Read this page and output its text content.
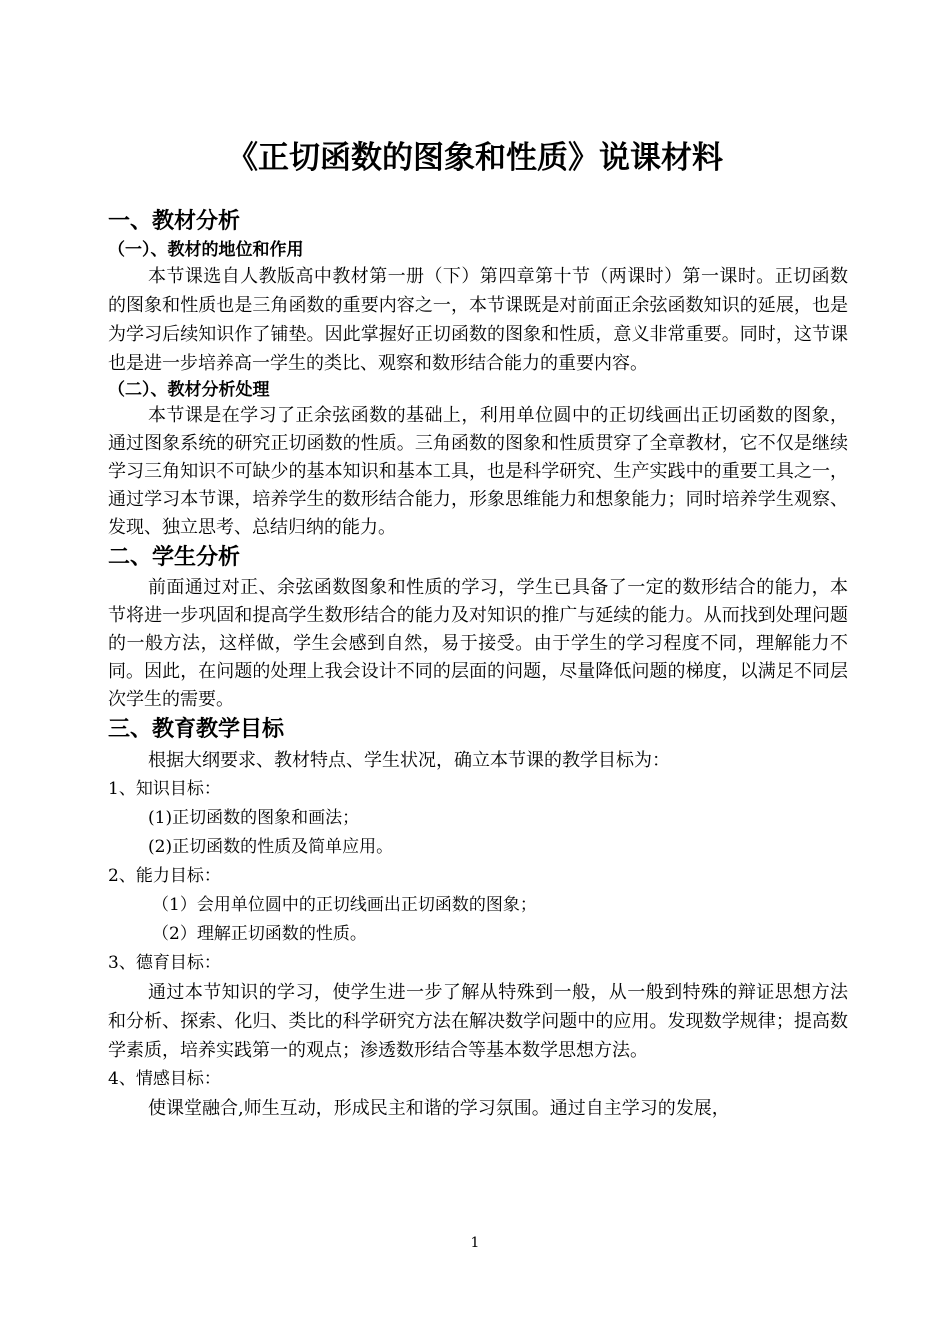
《正切函数的图象和性质》说课材料
一、教材分析
（一）、教材的地位和作用

本节课选自人教版高中教材第一册（下）第四章第十节（两课时）第一课时。正切函数的图象和性质也是三角函数的重要内容之一，本节课既是对前面正余弦函数知识的延展，也是为学习后续知识作了铺垫。因此掌握好正切函数的图象和性质，意义非常重要。同时，这节课也是进一步培养高一学生的类比、观察和数形结合能力的重要内容。

（二）、教材分析处理

本节课是在学习了正余弦函数的基础上，利用单位圆中的正切线画出正切函数的图象，通过图象系统的研究正切函数的性质。三角函数的图象和性质贯穿了全章教材，它不仅是继续学习三角知识不可缺少的基本知识和基本工具，也是科学研究、生产实践中的重要工具之一，通过学习本节课，培养学生的数形结合能力，形象思维能力和想象能力；同时培养学生观察、发现、独立思考、总结归纳的能力。

二、学生分析

前面通过对正、余弦函数图象和性质的学习，学生已具备了一定的数形结合的能力，本节将进一步巩固和提高学生数形结合的能力及对知识的推广与延续的能力。从而找到处理问题的一般方法，这样做，学生会感到自然，易于接受。由于学生的学习程度不同，理解能力不同。因此，在问题的处理上我会设计不同的层面的问题，尽量降低问题的梯度，以满足不同层次学生的需要。

三、教育教学目标

根据大纲要求、教材特点、学生状况，确立本节课的教学目标为：

1、知识目标：
(1)正切函数的图象和画法；
(2)正切函数的性质及简单应用。
2、能力目标：
（1）会用单位圆中的正切线画出正切函数的图象；
（2）理解正切函数的性质。
3、德育目标：

通过本节知识的学习，使学生进一步了解从特殊到一般，从一般到特殊的辩证思想方法和分析、探索、化归、类比的科学研究方法在解决数学问题中的应用。发现数学规律；提高数学素质，培养实践第一的观点；渗透数形结合等基本数学思想方法。

4、情感目标：

使课堂融合,师生互动，形成民主和谐的学习氛围。通过自主学习的发展，

1
